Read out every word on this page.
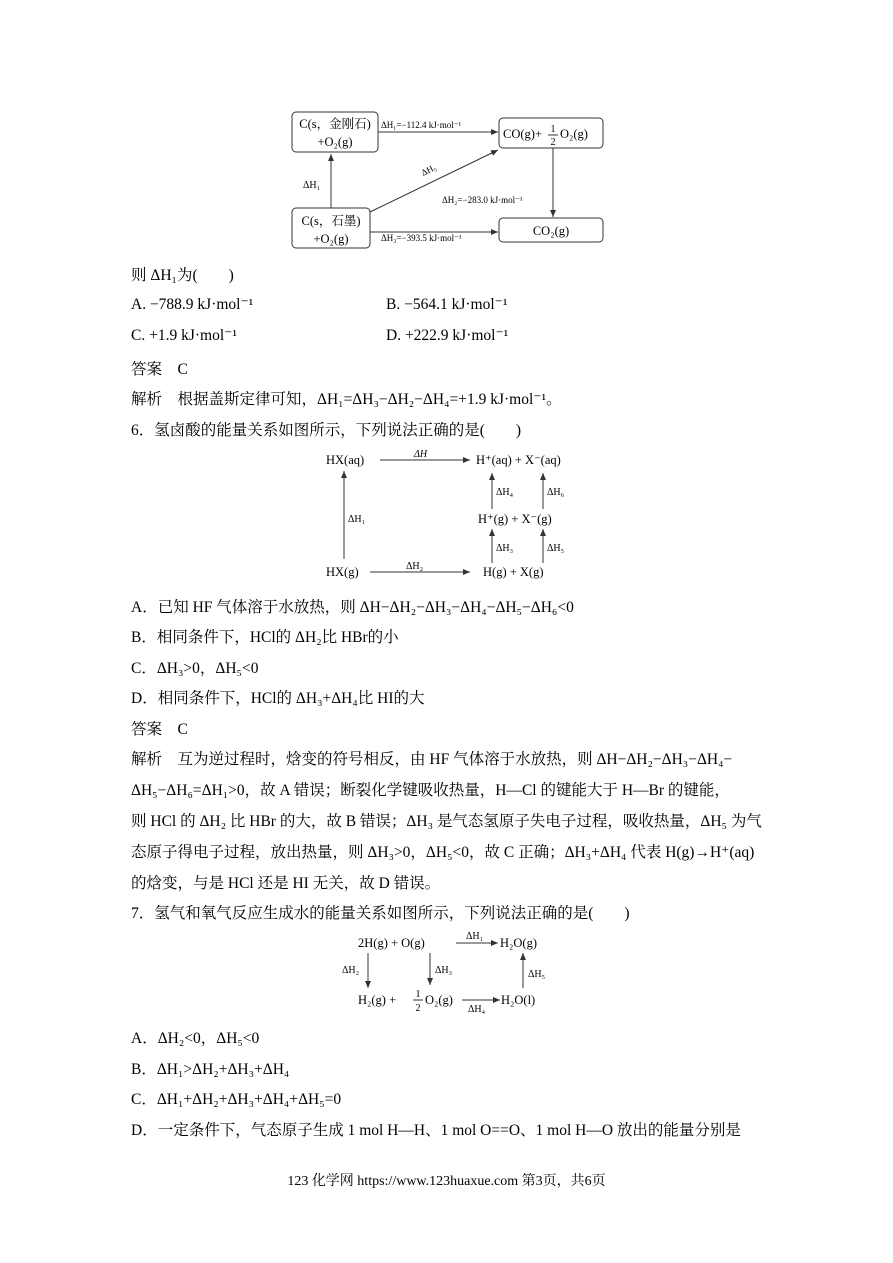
C(s，金刚石)
+O₂(g)
CO(g)+ 1
2
O₂(g)
C(s，石墨)
+O₂(g)
CO₂(g)
ΔH₁=−112.4 kJ·mol⁻¹
ΔH₁
ΔH₅
ΔH₂=−283.0 kJ·mol⁻¹
ΔH₃=−393.5 kJ·mol⁻¹
则 ΔH₁为(　　)
A. −788.9 kJ·mol⁻¹	B. −564.1 kJ·mol⁻¹
C. +1.9 kJ·mol⁻¹	D. +222.9 kJ·mol⁻¹
答案　C
解析　根据盖斯定律可知，ΔH₁=ΔH₃−ΔH₂−ΔH₄=+1.9 kJ·mol⁻¹。
6．氢卤酸的能量关系如图所示，下列说法正确的是(　　)
HX(aq)	ΔH	H⁺(aq) + X⁻(aq)
ΔH₁
HX(g)	ΔH₂	H(g) + X(g)
H⁺(g) + X⁻(g)
ΔH₄	ΔH₆
ΔH₃	ΔH₅
A．已知 HF 气体溶于水放热，则 ΔH−ΔH₂−ΔH₃−ΔH₄−ΔH₅−ΔH₆<0
B．相同条件下，HCl的 ΔH₂比 HBr的小
C．ΔH₃>0，ΔH₅<0
D．相同条件下，HCl的 ΔH₃+ΔH₄比 HI的大
答案　C
解析　互为逆过程时，焓变的符号相反，由 HF 气体溶于水放热，则 ΔH−ΔH₂−ΔH₃−ΔH₄−
ΔH₅−ΔH₆=ΔH₁>0，故 A 错误；断裂化学键吸收热量，H—Cl 的键能大于 H—Br 的键能，
则 HCl 的 ΔH₂ 比 HBr 的大，故 B 错误；ΔH₃ 是气态氢原子失电子过程，吸收热量，ΔH₅ 为气
态原子得电子过程，放出热量，则 ΔH₃>0，ΔH₅<0，故 C 正确；ΔH₃+ΔH₄ 代表 H(g)→H⁺(aq)
的焓变，与是 HCl 还是 HI 无关，故 D 错误。
7．氢气和氧气反应生成水的能量关系如图所示，下列说法正确的是(　　)
2H(g) + O(g)	ΔH₁ H₂O(g)
ΔH₂	ΔH₃	ΔH₅
H₂(g) + 1
2
O₂(g)
ΔH₄
H₂O(l)
A．ΔH₂<0，ΔH₅<0
B．ΔH₁>ΔH₂+ΔH₃+ΔH₄
C．ΔH₁+ΔH₂+ΔH₃+ΔH₄+ΔH₅=0
D．一定条件下，气态原子生成 1 mol H—H、1 mol O==O、1 mol H—O 放出的能量分别是
123 化学网 https://www.123huaxue.com 第3页，共6页
